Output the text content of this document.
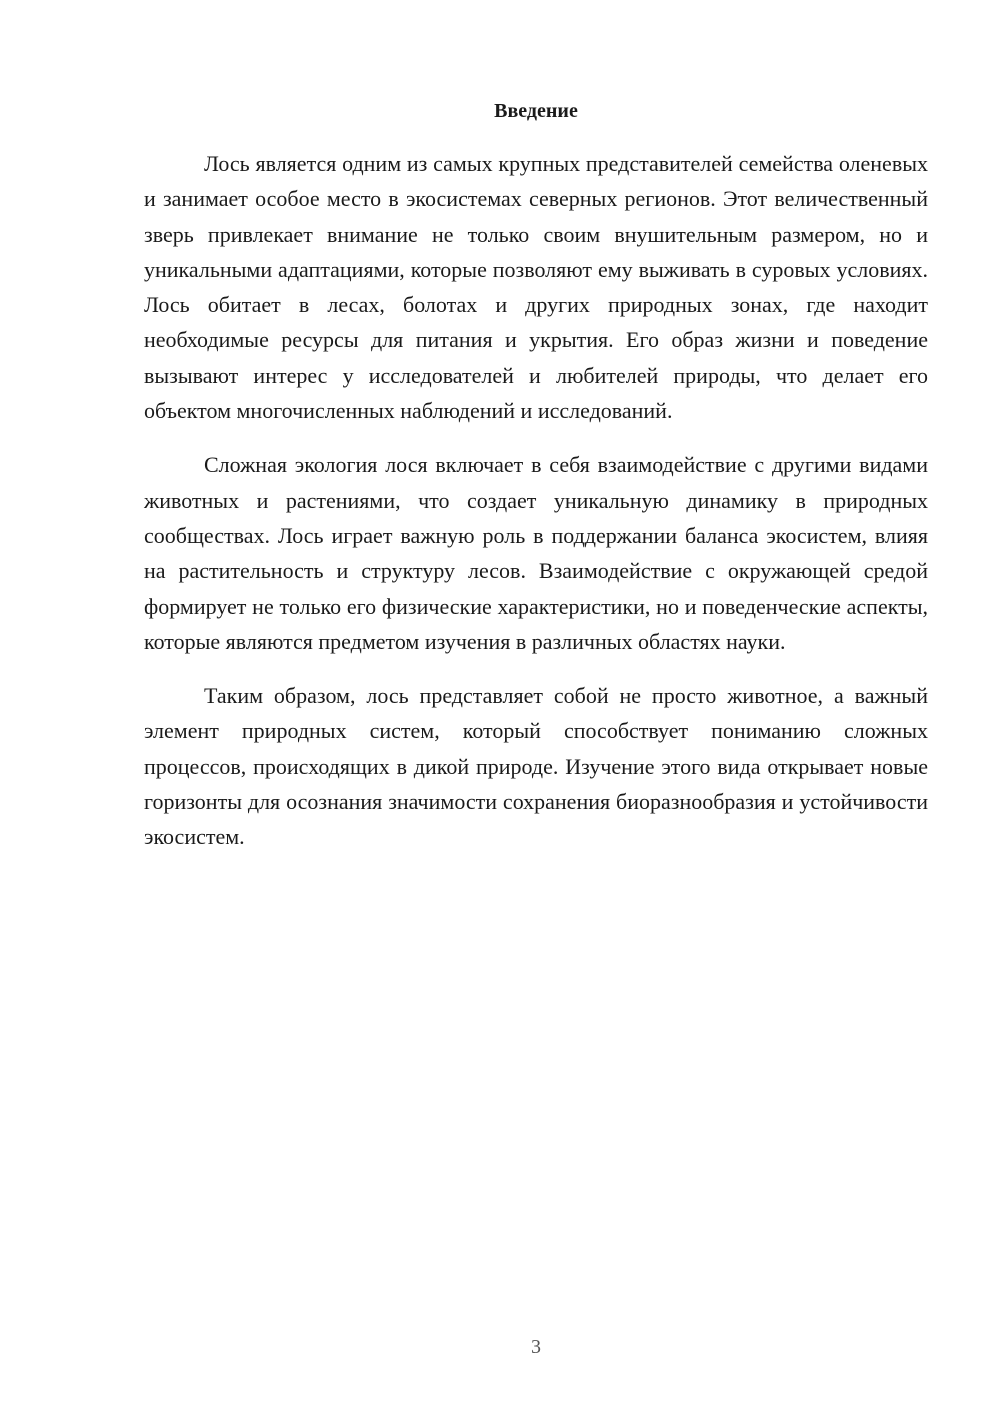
Введение

Лось является одним из самых крупных представителей семейства оленевых и занимает особое место в экосистемах северных регионов. Этот величественный зверь привлекает внимание не только своим внушительным размером, но и уникальными адаптациями, которые позволяют ему выживать в суровых условиях. Лось обитает в лесах, болотах и других природных зонах, где находит необходимые ресурсы для питания и укрытия. Его образ жизни и поведение вызывают интерес у исследователей и любителей природы, что делает его объектом многочисленных наблюдений и исследований.

Сложная экология лося включает в себя взаимодействие с другими видами животных и растениями, что создает уникальную динамику в природных сообществах. Лось играет важную роль в поддержании баланса экосистем, влияя на растительность и структуру лесов. Взаимодействие с окружающей средой формирует не только его физические характеристики, но и поведенческие аспекты, которые являются предметом изучения в различных областях науки.

Таким образом, лось представляет собой не просто животное, а важный элемент природных систем, который способствует пониманию сложных процессов, происходящих в дикой природе. Изучение этого вида открывает новые горизонты для осознания значимости сохранения биоразнообразия и устойчивости экосистем.

3
